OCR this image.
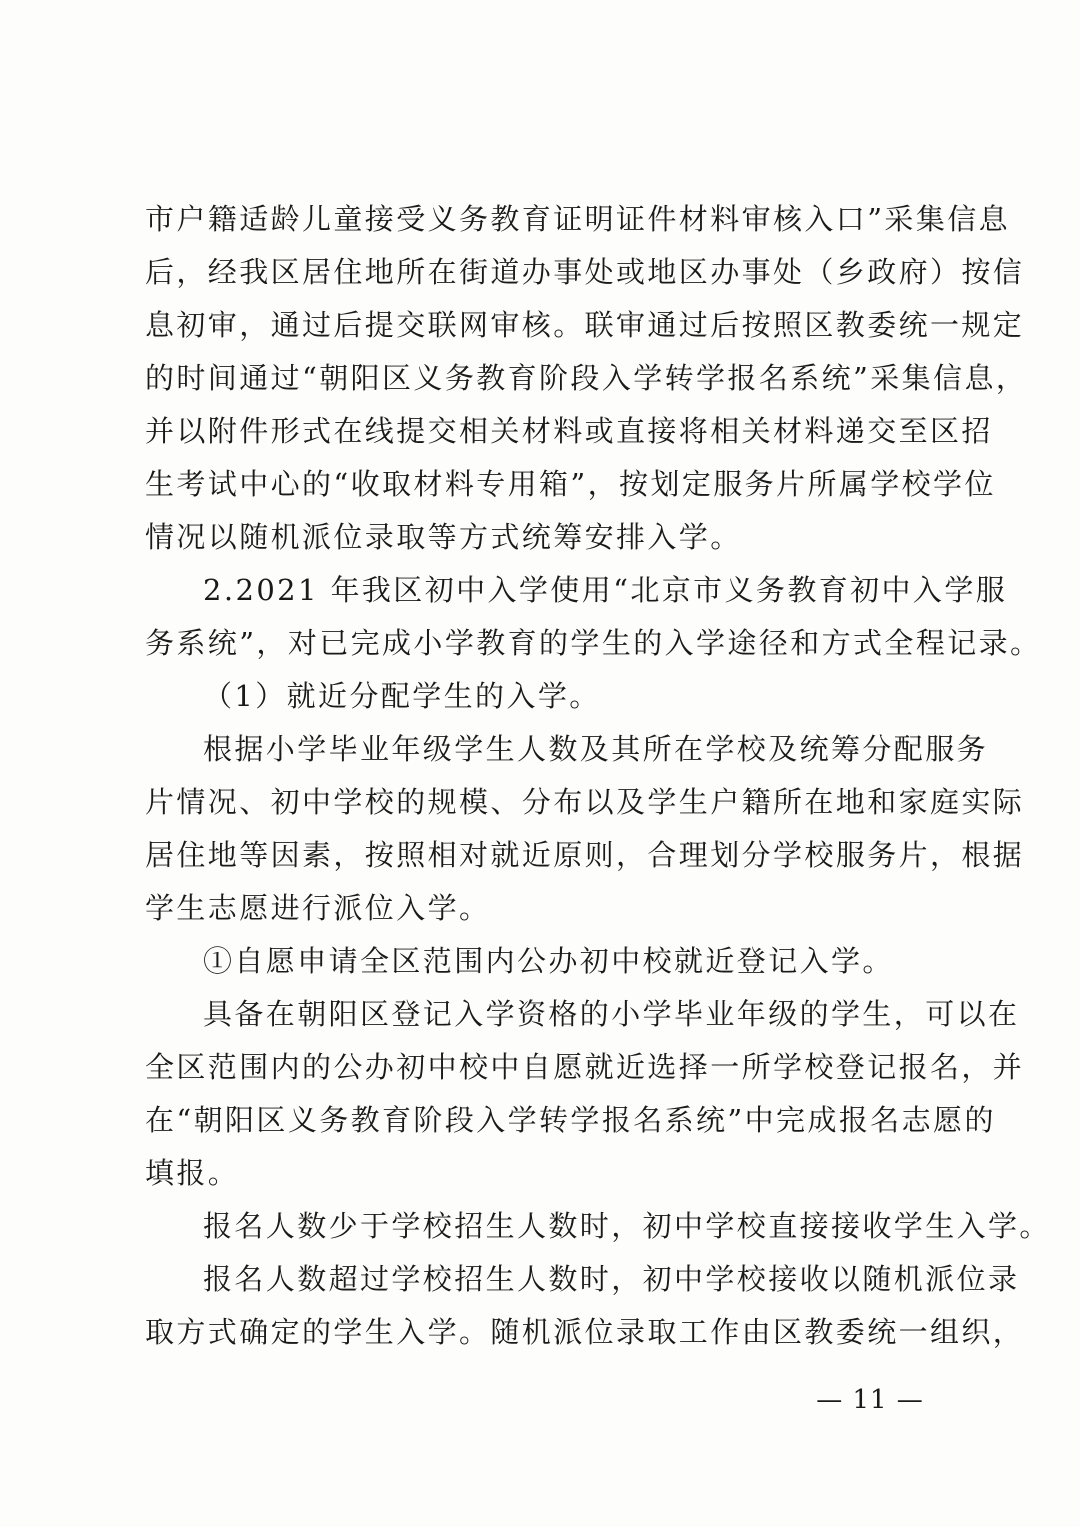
市户籍适龄儿童接受义务教育证明证件材料审核入口”采集信息
后，经我区居住地所在街道办事处或地区办事处（乡政府）按信
息初审，通过后提交联网审核。联审通过后按照区教委统一规定
的时间通过“朝阳区义务教育阶段入学转学报名系统”采集信息，
并以附件形式在线提交相关材料或直接将相关材料递交至区招
生考试中心的“收取材料专用箱”，按划定服务片所属学校学位
情况以随机派位录取等方式统筹安排入学。
2.2021 年我区初中入学使用“北京市义务教育初中入学服
务系统”，对已完成小学教育的学生的入学途径和方式全程记录。
（1）就近分配学生的入学。
根据小学毕业年级学生人数及其所在学校及统筹分配服务
片情况、初中学校的规模、分布以及学生户籍所在地和家庭实际
居住地等因素，按照相对就近原则，合理划分学校服务片，根据
学生志愿进行派位入学。
①自愿申请全区范围内公办初中校就近登记入学。
具备在朝阳区登记入学资格的小学毕业年级的学生，可以在
全区范围内的公办初中校中自愿就近选择一所学校登记报名，并
在“朝阳区义务教育阶段入学转学报名系统”中完成报名志愿的
填报。
报名人数少于学校招生人数时，初中学校直接接收学生入学。
报名人数超过学校招生人数时，初中学校接收以随机派位录
取方式确定的学生入学。随机派位录取工作由区教委统一组织，
— 11 —
